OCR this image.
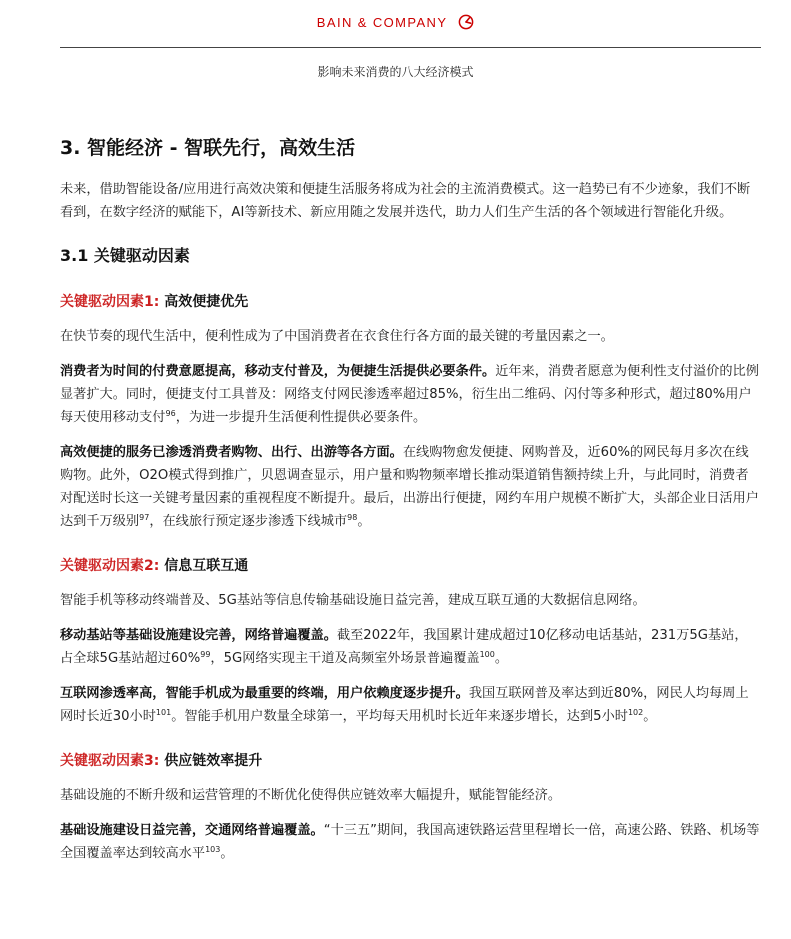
BAIN & COMPANY
影响未来消费的八大经济模式
3. 智能经济 - 智联先行，高效生活

未来，借助智能设备/应用进行高效决策和便捷生活服务将成为社会的主流消费模式。这一趋势已有不少迹象，我们不断看到，在数字经济的赋能下，AI等新技术、新应用随之发展并迭代，助力人们生产生活的各个领域进行智能化升级。

3.1 关键驱动因素
关键驱动因素1: 高效便捷优先

在快节奏的现代生活中，便利性成为了中国消费者在衣食住行各方面的最关键的考量因素之一。

消费者为时间的付费意愿提高，移动支付普及，为便捷生活提供必要条件。近年来，消费者愿意为便利性支付溢价的比例显著扩大。同时，便捷支付工具普及：网络支付网民渗透率超过85%，衍生出二维码、闪付等多种形式，超过80%用户每天使用移动支付$^{96}$，为进一步提升生活便利性提供必要条件。

高效便捷的服务已渗透消费者购物、出行、出游等各方面。在线购物愈发便捷、网购普及，近60%的网民每月多次在线购物。此外，O2O模式得到推广，贝恩调查显示，用户量和购物频率增长推动渠道销售额持续上升，与此同时，消费者对配送时长这一关键考量因素的重视程度不断提升。最后，出游出行便捷，网约车用户规模不断扩大，头部企业日活用户达到千万级别$^{97}$，在线旅行预定逐步渗透下线城市$^{98}$。

关键驱动因素2: 信息互联互通

智能手机等移动终端普及、5G基站等信息传输基础设施日益完善，建成互联互通的大数据信息网络。

移动基站等基础设施建设完善，网络普遍覆盖。截至2022年，我国累计建成超过10亿移动电话基站，231万5G基站，占全球5G基站超过60%$^{99}$，5G网络实现主干道及高频室外场景普遍覆盖$^{100}$。

互联网渗透率高，智能手机成为最重要的终端，用户依赖度逐步提升。我国互联网普及率达到近80%，网民人均每周上网时长近30小时$^{101}$。智能手机用户数量全球第一，平均每天用机时长近年来逐步增长，达到5小时$^{102}$。

关键驱动因素3: 供应链效率提升

基础设施的不断升级和运营管理的不断优化使得供应链效率大幅提升，赋能智能经济。

基础设施建设日益完善，交通网络普遍覆盖。“十三五”期间，我国高速铁路运营里程增长一倍，高速公路、铁路、机场等全国覆盖率达到较高水平$^{103}$。
